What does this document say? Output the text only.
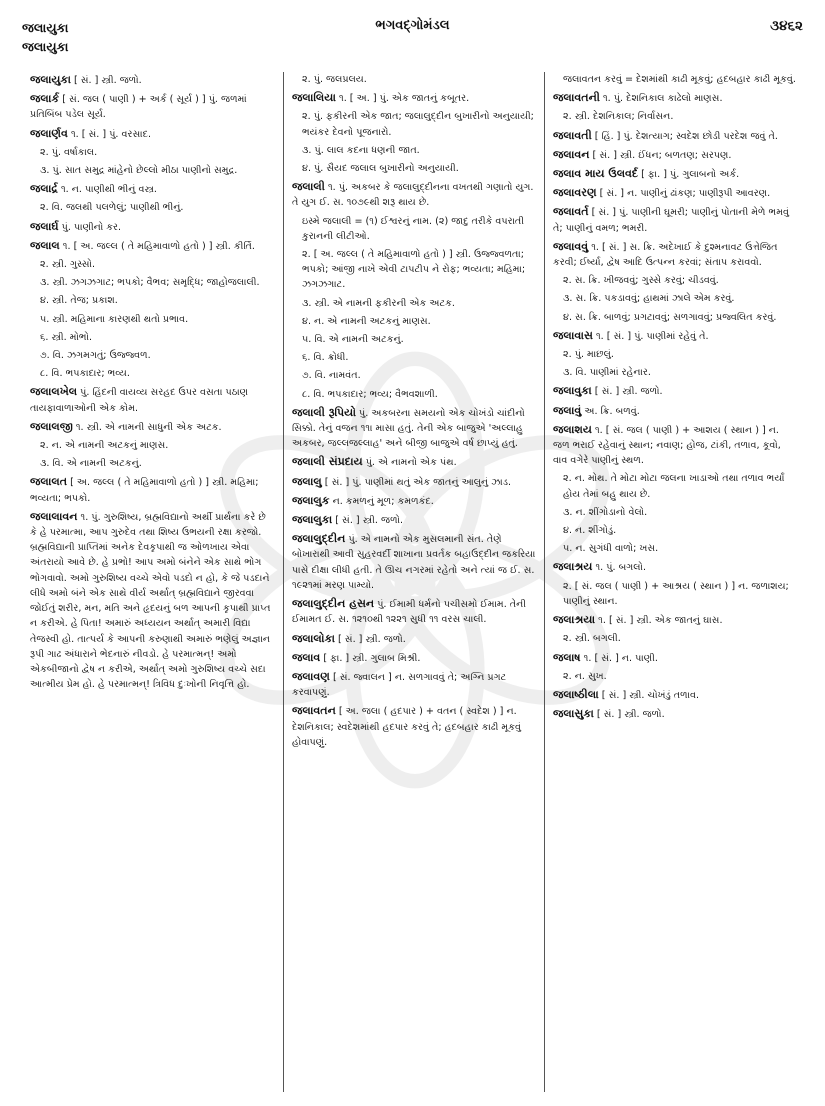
જલાયુકા
જલાયુકા
ભગવદ્ગોમંડલ	૩૪૬૨
જલાયુકા [ સં. ] સ્ત્રી. જળો.
જલાર્ક [ સં. જલ ( પાણી ) + અર્ક ( સૂર્ય ) ] પું. જળમાં પ્રતિબિંબ પડેલ સૂર્ય.
જલાર્ણવ ૧. [ સં. ] પું. વરસાદ.
૨. પું. વર્ષાકાલ.
૩. પું. સાત સમુદ્ર માંહેનો છેલ્લો મીઠા પાણીનો સમુદ્ર.
જલાર્દ્ર ૧. ન. પાણીથી ભીનું વસ્ત્ર.
૨. વિ. જલથી પલળેલું; પાણીથી ભીનું.
જલાર્ઘ પું. પાણીનો કર.
જલાલ ૧. [ અ. જલ્લ ( તે મહિમાવાળો હતો ) ] સ્ત્રી. કીર્તિ.
૨. સ્ત્રી. ગુસ્સો.
૩. સ્ત્રી. ઝગઝગાટ; ભપકો; વૈભવ; સમૃદ્ધિ; જાહોજલાલી.
૪. સ્ત્રી. તેજ; પ્રકાશ.
૫. સ્ત્રી. મહિમાના કારણથી થતો પ્રભાવ.
૬. સ્ત્રી. મોભો.
૭. વિ. ઝગમગતું; ઉજ્જ્વળ.
૮. વિ. ભપકાદાર; ભવ્ય.
જલાલખેલ પું. હિંદની વાયવ્ય સરહદ ઉપર વસતા પઠાણ તાયફાવાળાઓની એક કોમ.
જલાલજી ૧. સ્ત્રી. એ નામની સાધુની એક અટક.
૨. ન. એ નામની અટકનું માણસ.
૩. વિ. એ નામની અટકનું.
જલાલત [ અ. જલ્લ ( તે મહિમાવાળો હતો ) ] સ્ત્રી. મહિમા; ભવ્યતા; ભપકો.
જલાલાવન ૧. પું. ગુરુશિષ્ય, બ્રહ્મવિદ્યાનો અર્થી પ્રાર્થના કરે છે કે હે પરમાત્મા, આપ ગુરુદેવ તથા શિષ્ય ઉભયની રક્ષા કરજો. બ્રહ્મવિદ્યાની પ્રાપ્તિમાં અનેક દેવકૃપાથી જ ઓળખાય એવા અંતરાયો આવે છે. હે પ્રભો! આપ અમો બંનેને એક સાથે ભોગ ભોગવાવો. અમો ગુરુશિષ્ય વચ્ચે એવો પડદો ન હો, કે જે પડદાને લીધે અમો બંને એક સાથે વીર્ય અર્થાત્ બ્રહ્મવિદ્યાને જીરવવા જોઈતું શરીર, મન, મતિ અને હૃદયનું બળ આપની કૃપાથી પ્રાપ્ત ન કરીએ. હે પિતા! અમારું અધ્યયન અર્થાત્ અમારી વિદ્યા તેજસ્વી હો. તાત્પર્ય કે આપની કરુણાથી અમારું ભણેલું અજ્ઞાન રૂપી ગાઢ અંધારાને ભેદનારું નીવડો. હે પરમાત્મન્! અમો એકબીજાનો દ્વેષ ન કરીએ, અર્થાત્ અમો ગુરુશિષ્ય વચ્ચે સદા આત્મીય પ્રેમ હો. હે પરમાત્મન્! ત્રિવિધ દુઃખોની નિવૃત્તિ હો.
૨. પું. જલપ્રલય.
જલાલિયા ૧. [ અ. ] પું. એક જાતનું કબૂતર.
૨. પું. ફકીરની એક જાત; જલાલુદ્દીન બુખારીનો અનુયાયી; ભયંકર દેવનો પૂજનારો.
૩. પું. લાલ કદના ધણની જાત.
૪. પું. સૈયદ જલાલ બુખારીનો અનુયાયી.
જલાલી ૧. પું. અકબર કે જલાલુદ્દીનના વખતથી ગણાતો યુગ. તે યુગ ઈ. સ. ૧૦૭૯થી શરૂ થાય છે.
ઇસ્મે જલાલી = (૧) ઈશ્વરનું નામ. (૨) જાદુ તરીકે વપરાતી કુરાનની લીટીઓ.
૨. [ અ. જલ્લ ( તે મહિમાવાળો હતો ) ] સ્ત્રી. ઉજ્જ્વળતા; ભપકો; આંજી નાખે એવી ટાપટીપ ને રોફ; ભવ્યતા; મહિમા; ઝગઝગાટ.
૩. સ્ત્રી. એ નામની ફકીરની એક અટક.
૪. ન. એ નામની અટકનું માણસ.
૫. વિ. એ નામની અટકનું.
૬. વિ. ક્રોધી.
૭. વિ. નામવંત.
૮. વિ. ભપકાદાર; ભવ્ય; વૈભવશાળી.
જલાલી રૂપિયો પું. અકબરના સમયનો એક ચોખંડો ચાંદીનો સિક્કો. તેનું વજન ૧૧ા માસા હતું. તેની એક બાજુએ 'અલ્લાહુ અકબર, જલ્લજલ્લાહ' અને બીજી બાજુએ વર્ષ છાપ્યું હતું.
જલાલી સંપ્રદાય પું. એ નામનો એક પંથ.
જલાલુ [ સં. ] પું. પાણીમાં થતું એક જાતનું આલુનું ઝાડ.
જલાલુક ન. કમળનું મૂળ; કમળકંદ.
જલાલુકા [ સં. ] સ્ત્રી. જળો.
જલાલુદ્દીન પું. એ નામનો એક મુસલમાની સંત. તેણે બોખારાથી આવી સુહરવર્દી શાખાના પ્રવર્તક બહાઉદ્દીન જકરિયા પાસે દીક્ષા લીધી હતી. તે ઊચ નગરમાં રહેતો અને ત્યાં જ ઈ. સ. ૧૯૨૧માં મરણ પામ્યો.
જલાલુદ્દીન હસન પું. ઈમામી ધર્મનો પચીસમો ઈમામ. તેની ઈમામત ઈ. સ. ૧૨૧૦થી ૧૨૨૧ સુધી ૧૧ વરસ ચાલી.
જલાલોકા [ સં. ] સ્ત્રી. જળો.
જલાવ [ ફા. ] સ્ત્રી. ગુલાબ મિશ્રી.
જલાવણ [ સં. જ્વાલન ] ન. સળગાવવું તે; અગ્નિ પ્રગટ કરવાપણું.
જલાવતન [ અ. જલા ( હદપાર ) + વતન ( સ્વદેશ ) ] ન. દેશનિકાલ; સ્વદેશમાંથી હદપાર કરવું તે; હદબહાર કાઢી મૂકવું હોવાપણું.
જલાવતન કરવું = દેશમાંથી કાઢી મૂકવું; હદબહાર કાઢી મૂકવું.
જલાવતની ૧. પું. દેશનિકાલ કાઢેલો માણસ.
૨. સ્ત્રી. દેશનિકાલ; નિર્વાસન.
જલાવતી [ હિં. ] પું. દેશત્યાગ; સ્વદેશ છોડી પરદેશ જવું તે.
જલાવન [ સં. ] સ્ત્રી. ઈંધન; બળતણ; સરપણ.
જલાવ માય ઉલવર્દ [ ફા. ] પું. ગુલાબનો અર્ક.
જલાવરણ [ સં. ] ન. પાણીનું ઢાંકણ; પાણીરૂપી આવરણ.
જલાવર્ત [ સં. ] પું. પાણીની ઘૂમરી; પાણીનું પોતાની મેળે ભમવું તે; પાણીનું વમળ; ભમરી.
જલાવવું ૧. [ સં. ] સ. ક્રિ. અદેખાઈ કે દુશ્મનાવટ ઉત્તેજિત કરવી; ઈર્ષ્યા, દ્વેષ આદિ ઉત્પન્ન કરવાં; સંતાપ કરાવવો.
૨. સ. ક્રિ. ખીજવવું; ગુસ્સે કરવું; ચીડવવું.
૩. સ. ક્રિ. પકડાવવું; હાથમાં ઝાલે એમ કરવું.
૪. સ. ક્રિ. બાળવું; પ્રગટાવવું; સળગાવવું; પ્રજ્વલિત કરવું.
જલાવાસ ૧. [ સં. ] પું. પાણીમાં રહેવું તે.
૨. પું. માછલું.
૩. વિ. પાણીમાં રહેનાર.
જલાવુકા [ સં. ] સ્ત્રી. જળો.
જલાવું અ. ક્રિ. બળવું.
જલાશય ૧. [ સં. જલ ( પાણી ) + આશય ( સ્થાન ) ] ન. જળ ભરાઈ રહેવાનું સ્થાન; નવાણ; હોજ, ટાંકી, તળાવ, કૂવો, વાવ વગેરે પાણીનું સ્થળ.
૨. ન. મોથ. તે મોટા મોટા જલના ખાડાઓ તથા તળાવ ભર્યાં હોય તેમાં બહુ થાય છે.
૩. ન. શીંગોડાનો વેલો.
૪. ન. શીંગોડું.
૫. ન. સુગંધી વાળો; ખસ.
જલાશ્રય ૧. પું. બગલો.
૨. [ સં. જલ ( પાણી ) + આશ્રય ( સ્થાન ) ] ન. જળાશય; પાણીનું સ્થાન.
જલાશ્રયા ૧. [ સં. ] સ્ત્રી. એક જાતનું ઘાસ.
૨. સ્ત્રી. બગલી.
જલાષ ૧. [ સં. ] ન. પાણી.
૨. ન. સુખ.
જલાષ્ઠીલા [ સં. ] સ્ત્રી. ચોખંડું તળાવ.
જલાસુકા [ સં. ] સ્ત્રી. જળો.
